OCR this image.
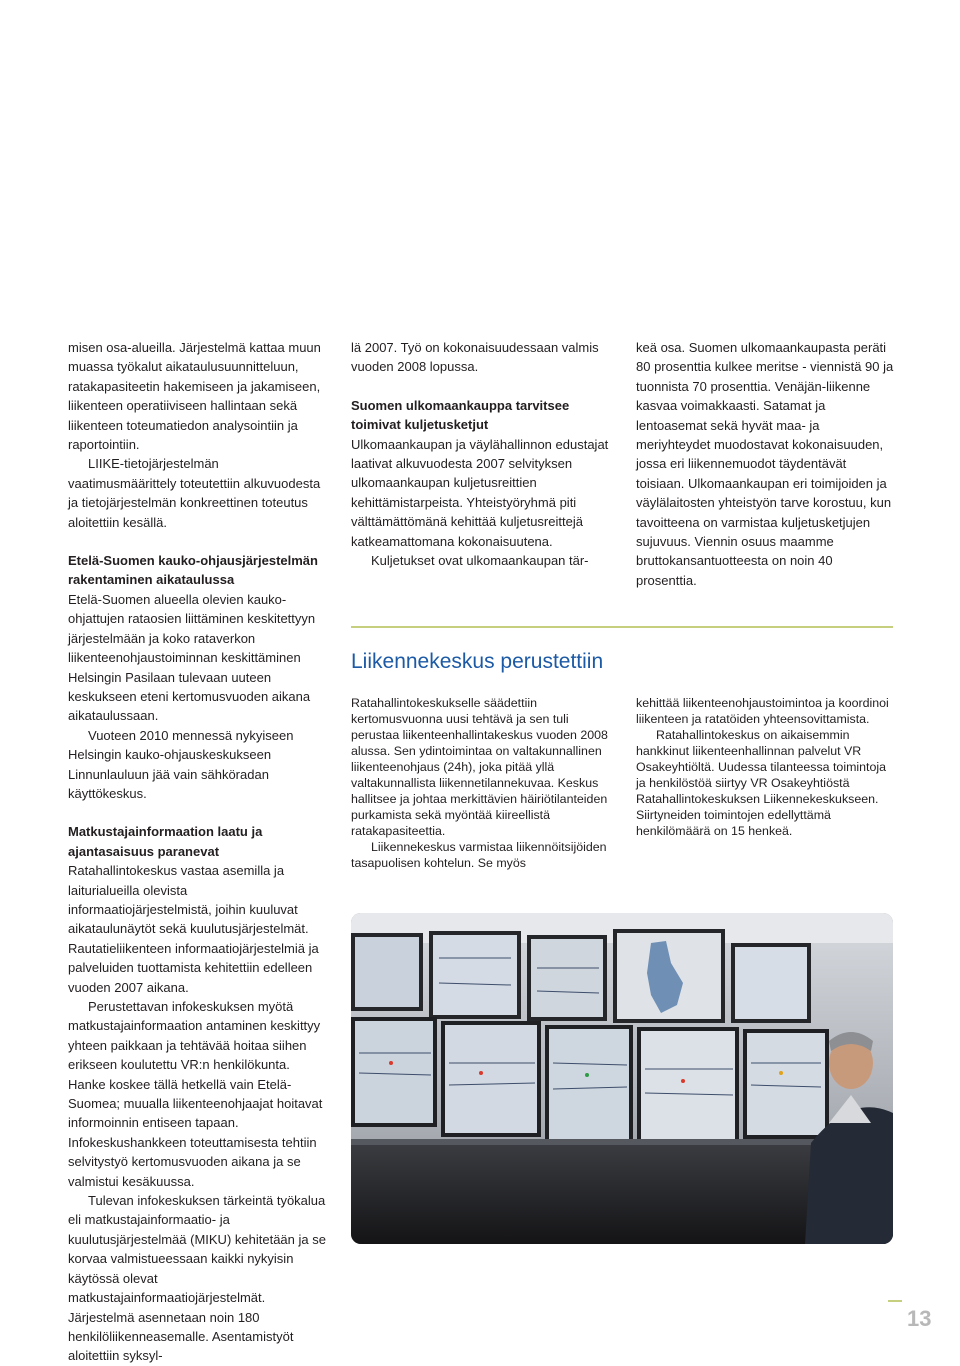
misen osa-alueilla. Järjestelmä kattaa muun muassa työkalut aikataulusuunnitteluun, ratakapasiteetin hakemiseen ja jakamiseen, liikenteen operatiiviseen hallintaan sekä liikenteen toteumatiedon analysointiin ja raportointiin.

LIIKE-tietojärjestelmän vaatimusmäärittely toteutettiin alkuvuodesta ja tietojärjestelmän konkreettinen toteutus aloitettiin kesällä.

Etelä-Suomen kauko-ohjausjärjestelmän rakentaminen aikataulussa

Etelä-Suomen alueella olevien kauko-ohjattujen rataosien liittäminen keskitettyyn järjestelmään ja koko rataverkon liikenteenohjaustoiminnan keskittäminen Helsingin Pasilaan tulevaan uuteen keskukseen eteni kertomusvuoden aikana aikataulussaan.

Vuoteen 2010 mennessä nykyiseen Helsingin kauko-ohjauskeskukseen Linnunlauluun jää vain sähköradan käyttökeskus.

Matkustajainformaation laatu ja ajantasaisuus paranevat

Ratahallintokeskus vastaa asemilla ja laiturialueilla olevista informaatiojärjestelmistä, joihin kuuluvat aikataulunäytöt sekä kuulutusjärjestelmät. Rautatieliikenteen informaatiojärjestelmiä ja palveluiden tuottamista kehitettiin edelleen vuoden 2007 aikana.

Perustettavan infokeskuksen myötä matkustajainformaation antaminen keskittyy yhteen paikkaan ja tehtävää hoitaa siihen erikseen koulutettu VR:n henkilökunta. Hanke koskee tällä hetkellä vain Etelä-Suomea; muualla liikenteenohjaajat hoitavat informoinnin entiseen tapaan. Infokeskushankkeen toteuttamisesta tehtiin selvitystyö kertomusvuoden aikana ja se valmistui kesäkuussa.

Tulevan infokeskuksen tärkeintä työkalua eli matkustajainformaatio- ja kuulutusjärjestelmää (MIKU) kehitetään ja se korvaa valmistueessaan kaikki nykyisin käytössä olevat matkustajainformaatiojärjestelmät. Järjestelmä asennetaan noin 180 henkilöliikenneasemalle. Asentamistyöt aloitettiin syksyl-

lä 2007. Työ on kokonaisuudessaan valmis vuoden 2008 lopussa.

Suomen ulkomaankauppa tarvitsee toimivat kuljetusketjut

Ulkomaankaupan ja väylähallinnon edustajat laativat alkuvuodesta 2007 selvityksen ulkomaankaupan kuljetusreittien kehittämistarpeista. Yhteistyöryhmä piti välttämättömänä kehittää kuljetusreittejä katkeamattomana kokonaisuutena.

Kuljetukset ovat ulkomaankaupan tär-

keä osa. Suomen ulkomaankaupasta peräti 80 prosenttia kulkee meritse - viennistä 90 ja tuonnista 70 prosenttia. Venäjän-liikenne kasvaa voimakkaasti. Satamat ja lentoasemat sekä hyvät maa- ja meriyhteydet muodostavat kokonaisuuden, jossa eri liikennemuodot täydentävät toisiaan. Ulkomaankaupan eri toimijoiden ja väylälaitosten yhteistyön tarve korostuu, kun tavoitteena on varmistaa kuljetusketjujen sujuvuus. Viennin osuus maamme bruttokansantuotteesta on noin 40 prosenttia.

Liikennekeskus perustettiin

Ratahallintokeskukselle säädettiin kertomusvuonna uusi tehtävä ja sen tuli perustaa liikenteenhallintakeskus vuoden 2008 alussa. Sen ydintoimintaa on valtakunnallinen liikenteenohjaus (24h), joka pitää yllä valtakunnallista liikennetilannekuvaa. Keskus hallitsee ja johtaa merkittävien häiriötilanteiden purkamista sekä myöntää kiireellistä ratakapasiteettia.

Liikennekeskus varmistaa liikennöitsijöiden tasapuolisen kohtelun. Se myös

kehittää liikenteenohjaustoimintoa ja koordinoi liikenteen ja ratatöiden yhteensovittamista.

Ratahallintokeskus on aikaisemmin hankkinut liikenteenhallinnan palvelut VR Osakeyhtiöltä. Uudessa tilanteessa toimintoja ja henkilöstöä siirtyy VR Osakeyhtiöstä Ratahallintokeskuksen Liikennekeskukseen. Siirtyneiden toimintojen edellyttämä henkilömäärä on 15 henkeä.

13
